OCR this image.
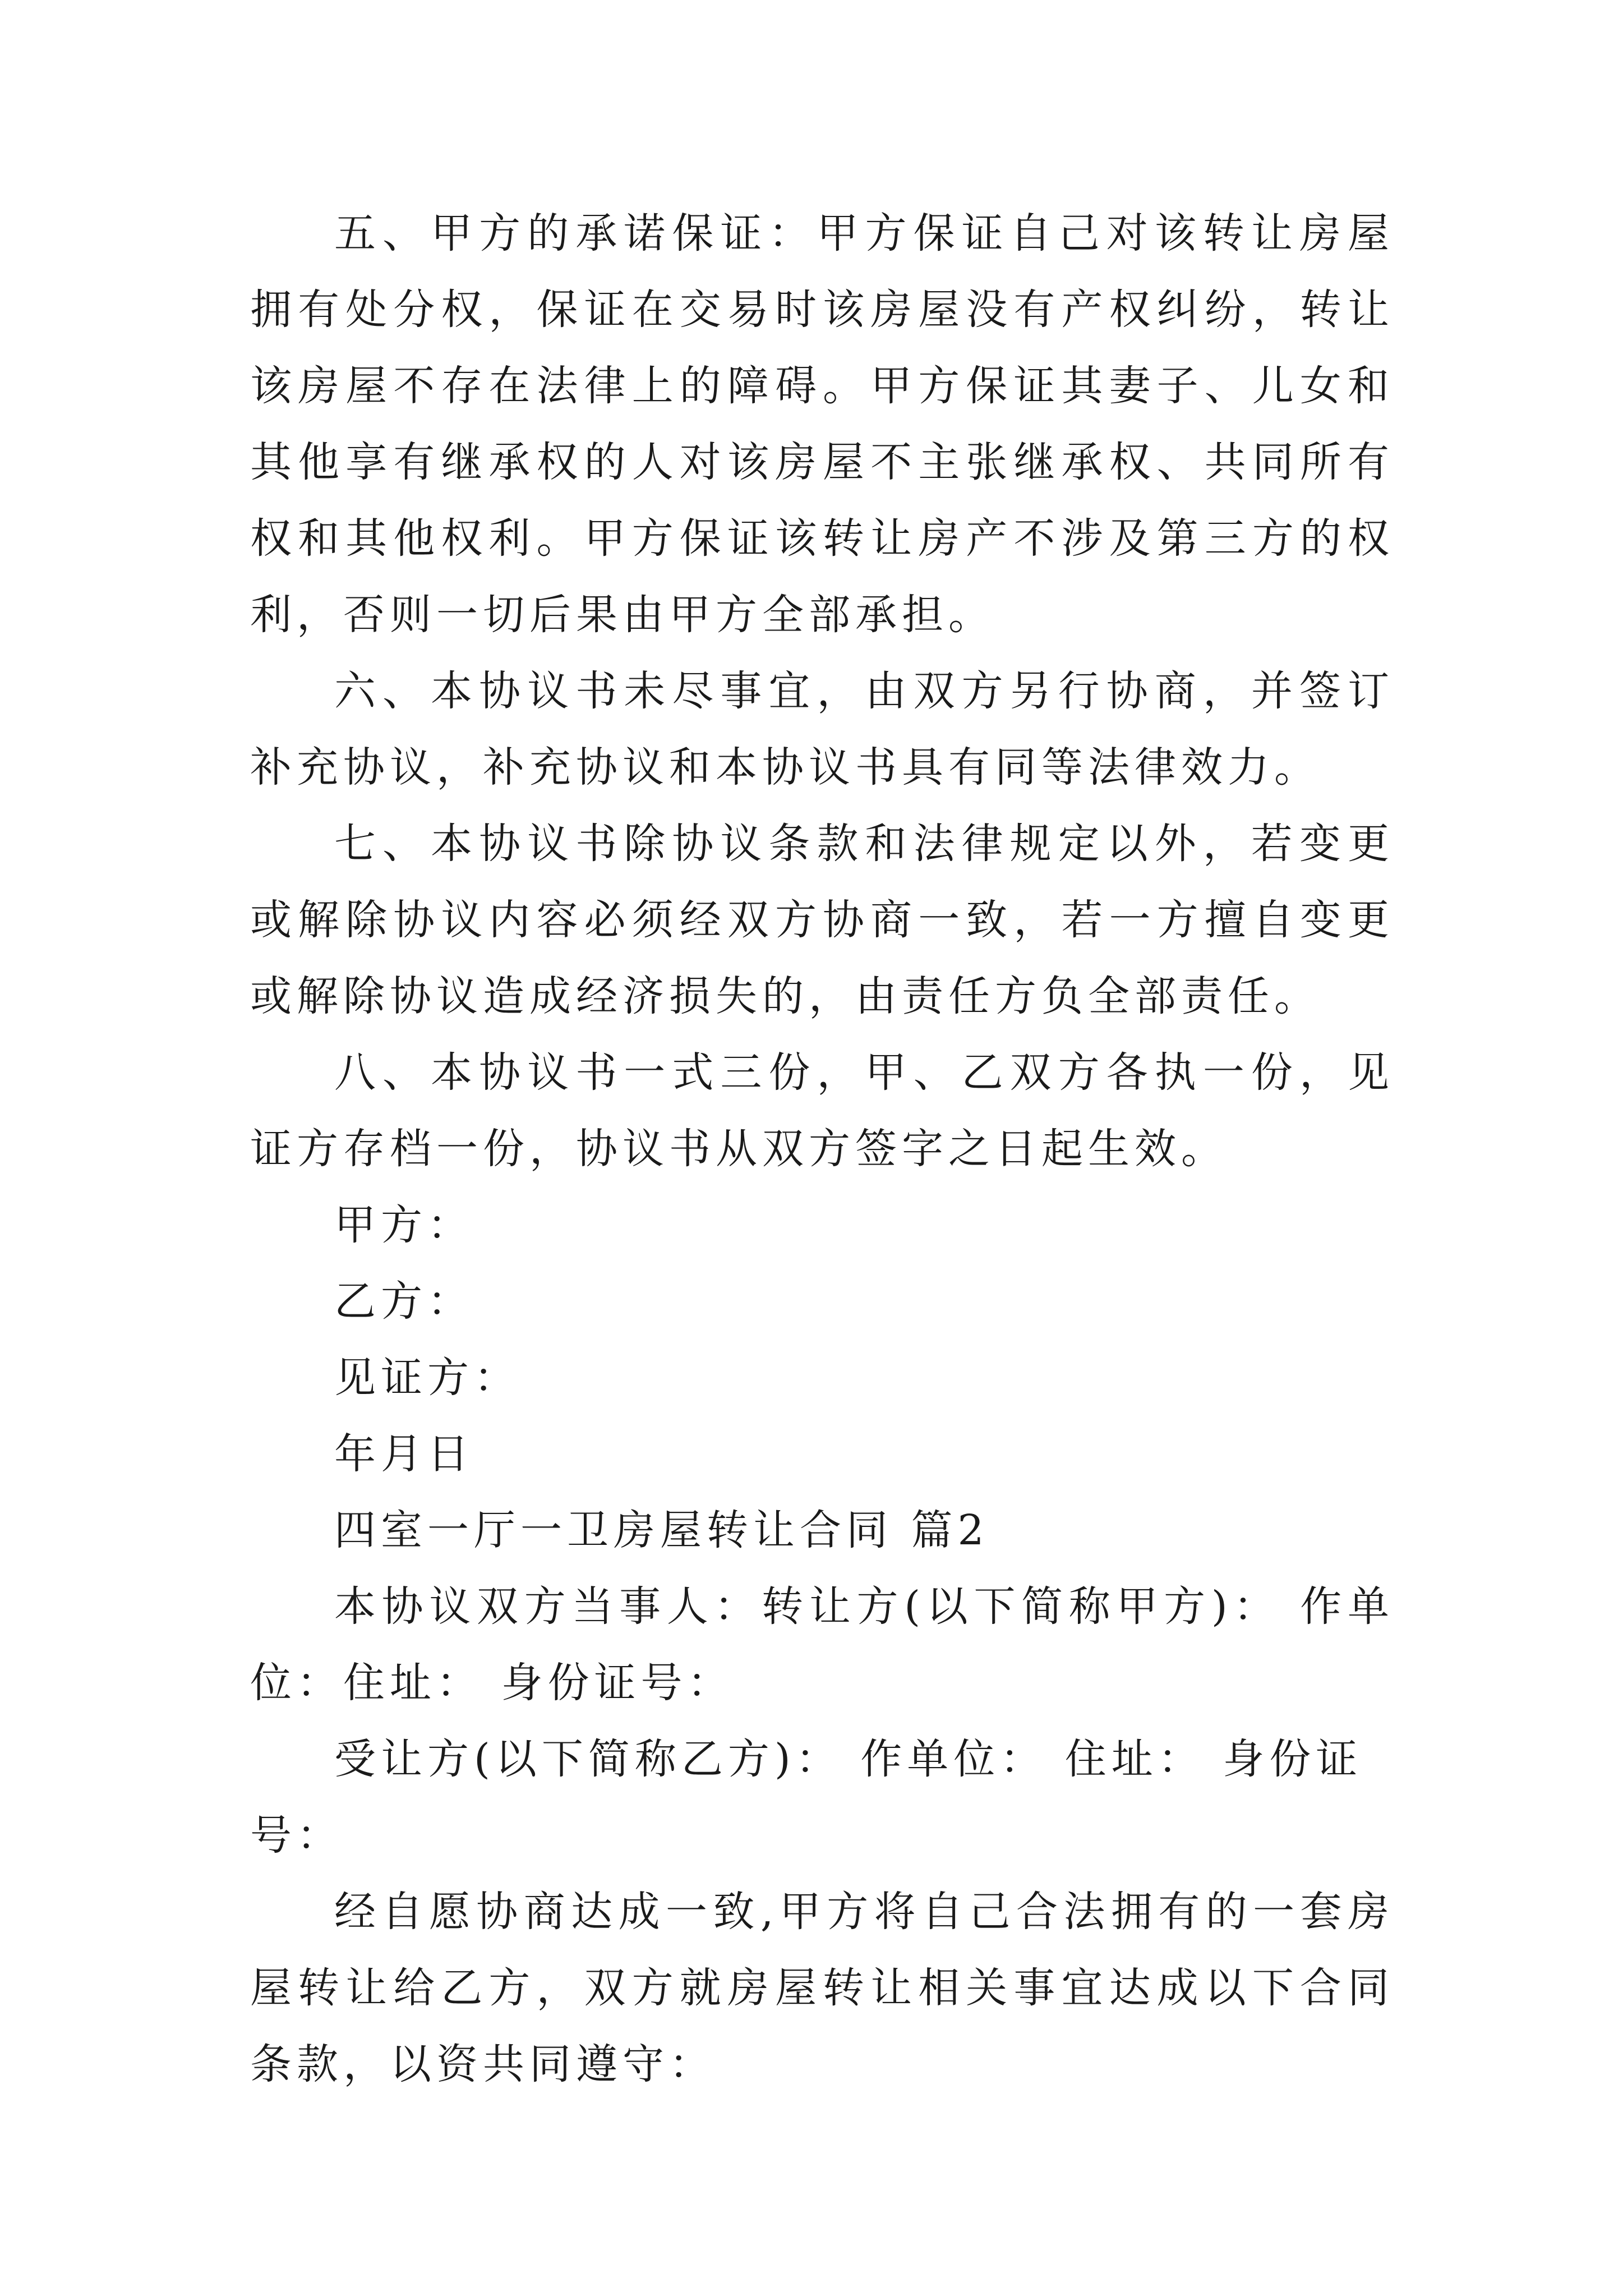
五、甲方的承诺保证：甲方保证自己对该转让房屋拥有处分权，保证在交易时该房屋没有产权纠纷，转让该房屋不存在法律上的障碍。甲方保证其妻子、儿女和其他享有继承权的人对该房屋不主张继承权、共同所有权和其他权利。甲方保证该转让房产不涉及第三方的权利，否则一切后果由甲方全部承担。

六、本协议书未尽事宜，由双方另行协商，并签订补充协议，补充协议和本协议书具有同等法律效力。

七、本协议书除协议条款和法律规定以外，若变更或解除协议内容必须经双方协商一致，若一方擅自变更或解除协议造成经济损失的，由责任方负全部责任。

八、本协议书一式三份，甲、乙双方各执一份，见证方存档一份，协议书从双方签字之日起生效。

甲方：

乙方：

见证方：

年月日

四室一厅一卫房屋转让合同 篇2

本协议双方当事人：转让方(以下简称甲方)： 作单位：住址： 身份证号：

受让方(以下简称乙方)： 作单位： 住址： 身份证号：

经自愿协商达成一致,甲方将自己合法拥有的一套房屋转让给乙方，双方就房屋转让相关事宜达成以下合同条款，以资共同遵守：
